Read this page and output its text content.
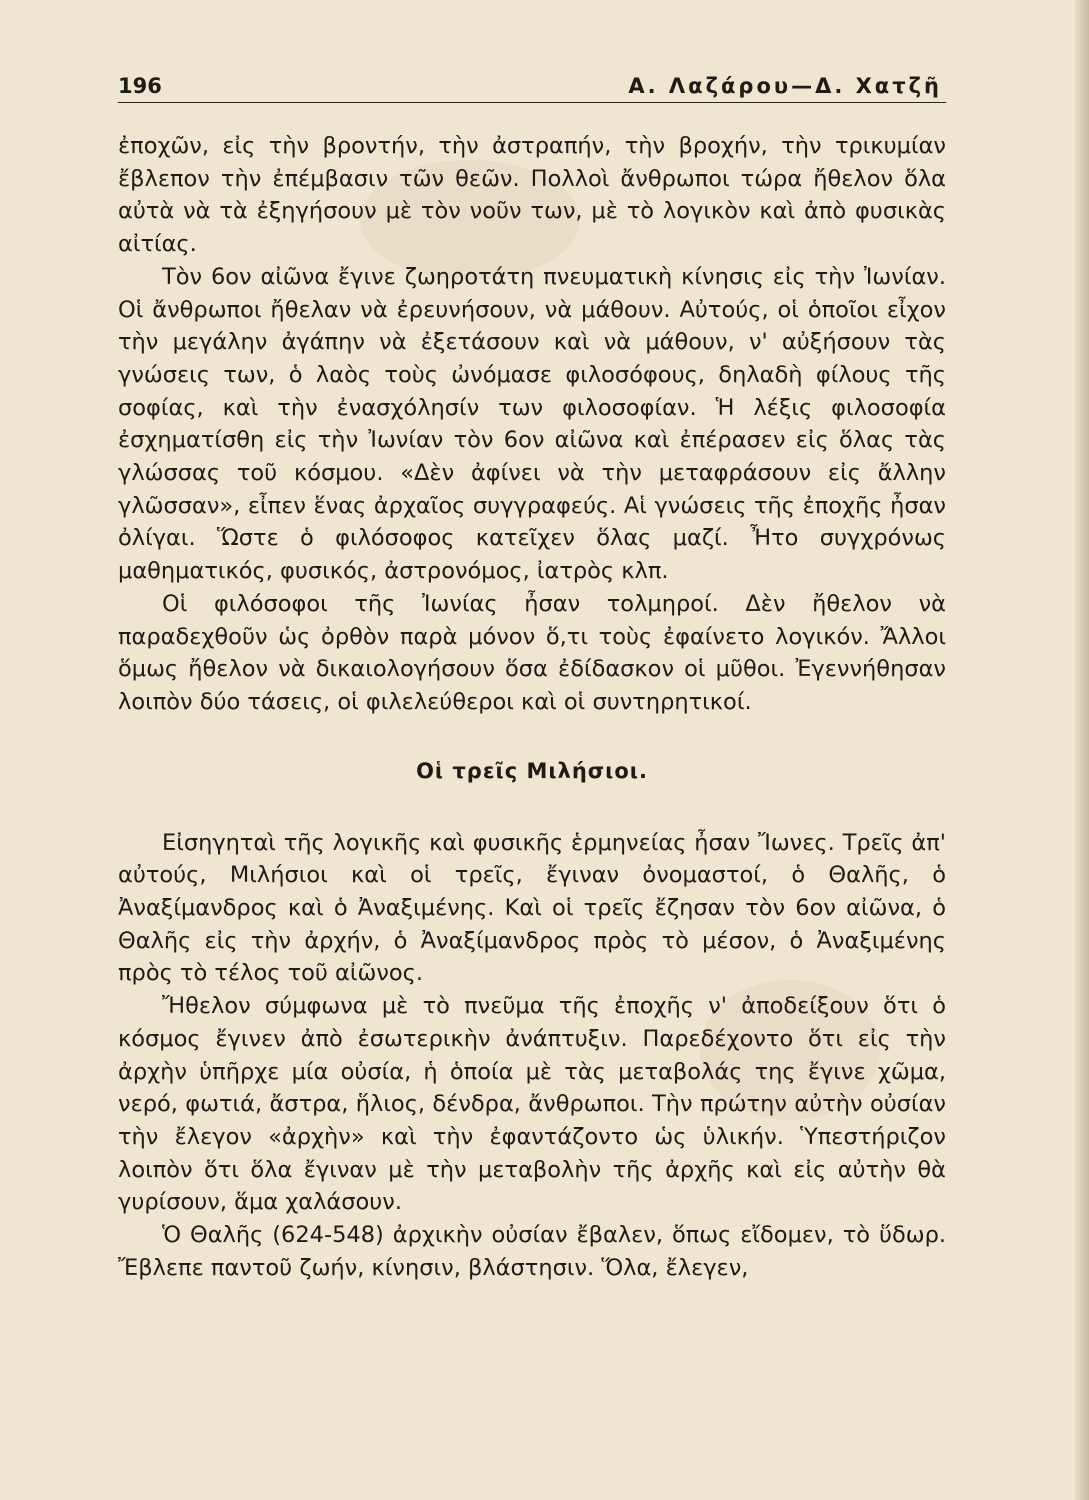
196	Α. Λαζάρου—Δ. Χατζῆ

ἐποχῶν, εἰς τὴν βροντήν, τὴν ἀστραπήν, τὴν βροχήν, τὴν τρικυμίαν ἔβλεπον τὴν ἐπέμβασιν τῶν θεῶν. Πολλοὶ ἄνθρωποι τώρα ἤθελον ὅλα αὐτὰ νὰ τὰ ἐξηγήσουν μὲ τὸν νοῦν των, μὲ τὸ λογικὸν καὶ ἀπὸ φυσικὰς αἰτίας.

Τὸν 6ον αἰῶνα ἔγινε ζωηροτάτη πνευματικὴ κίνησις εἰς τὴν Ἰωνίαν. Οἱ ἄνθρωποι ἤθελαν νὰ ἐρευνήσουν, νὰ μάθουν. Αὐτούς, οἱ ὁποῖοι εἶχον τὴν μεγάλην ἀγάπην νὰ ἐξετάσουν καὶ νὰ μάθουν, ν' αὐξήσουν τὰς γνώσεις των, ὁ λαὸς τοὺς ὠνόμασε φιλοσόφους, δηλαδὴ φίλους τῆς σοφίας, καὶ τὴν ἐνασχόλησίν των φιλοσοφίαν. Ἡ λέξις φιλοσοφία ἐσχηματίσθη εἰς τὴν Ἰωνίαν τὸν 6ον αἰῶνα καὶ ἐπέρασεν εἰς ὅλας τὰς γλώσσας τοῦ κόσμου. «Δὲν ἀφίνει νὰ τὴν μεταφράσουν εἰς ἄλλην γλῶσσαν», εἶπεν ἕνας ἀρχαῖος συγγραφεύς. Αἱ γνώσεις τῆς ἐποχῆς ἦσαν ὀλίγαι. Ὥστε ὁ φιλόσοφος κατεῖχεν ὅλας μαζί. Ἦτο συγχρόνως μαθηματικός, φυσικός, ἀστρονόμος, ἰατρὸς κλπ.

Οἱ φιλόσοφοι τῆς Ἰωνίας ἦσαν τολμηροί. Δὲν ἤθελον νὰ παραδεχθοῦν ὡς ὀρθὸν παρὰ μόνον ὅ,τι τοὺς ἐφαίνετο λογικόν. Ἄλλοι ὅμως ἤθελον νὰ δικαιολογήσουν ὅσα ἐδίδασκον οἱ μῦθοι. Ἐγεννήθησαν λοιπὸν δύο τάσεις, οἱ φιλελεύθεροι καὶ οἱ συντηρητικοί.

Οἱ τρεῖς Μιλήσιοι.

Εἰσηγηταὶ τῆς λογικῆς καὶ φυσικῆς ἑρμηνείας ἦσαν Ἴωνες. Τρεῖς ἀπ' αὐτούς, Μιλήσιοι καὶ οἱ τρεῖς, ἔγιναν ὀνομαστοί, ὁ Θαλῆς, ὁ Ἀναξίμανδρος καὶ ὁ Ἀναξιμένης. Καὶ οἱ τρεῖς ἔζησαν τὸν 6ον αἰῶνα, ὁ Θαλῆς εἰς τὴν ἀρχήν, ὁ Ἀναξίμανδρος πρὸς τὸ μέσον, ὁ Ἀναξιμένης πρὸς τὸ τέλος τοῦ αἰῶνος.

Ἤθελον σύμφωνα μὲ τὸ πνεῦμα τῆς ἐποχῆς ν' ἀποδείξουν ὅτι ὁ κόσμος ἔγινεν ἀπὸ ἐσωτερικὴν ἀνάπτυξιν. Παρεδέχοντο ὅτι εἰς τὴν ἀρχὴν ὑπῆρχε μία οὐσία, ἡ ὁποία μὲ τὰς μεταβολάς της ἔγινε χῶμα, νερό, φωτιά, ἄστρα, ἥλιος, δένδρα, ἄνθρωποι. Τὴν πρώτην αὐτὴν οὐσίαν τὴν ἔλεγον «ἀρχὴν» καὶ τὴν ἐφαντάζοντο ὡς ὑλικήν. Ὑπεστήριζον λοιπὸν ὅτι ὅλα ἔγιναν μὲ τὴν μεταβολὴν τῆς ἀρχῆς καὶ εἰς αὐτὴν θὰ γυρίσουν, ἅμα χαλάσουν.

Ὁ Θαλῆς (624-548) ἀρχικὴν οὐσίαν ἔβαλεν, ὅπως εἴδομεν, τὸ ὕδωρ. Ἔβλεπε παντοῦ ζωήν, κίνησιν, βλάστησιν. Ὅλα, ἔλεγεν,
